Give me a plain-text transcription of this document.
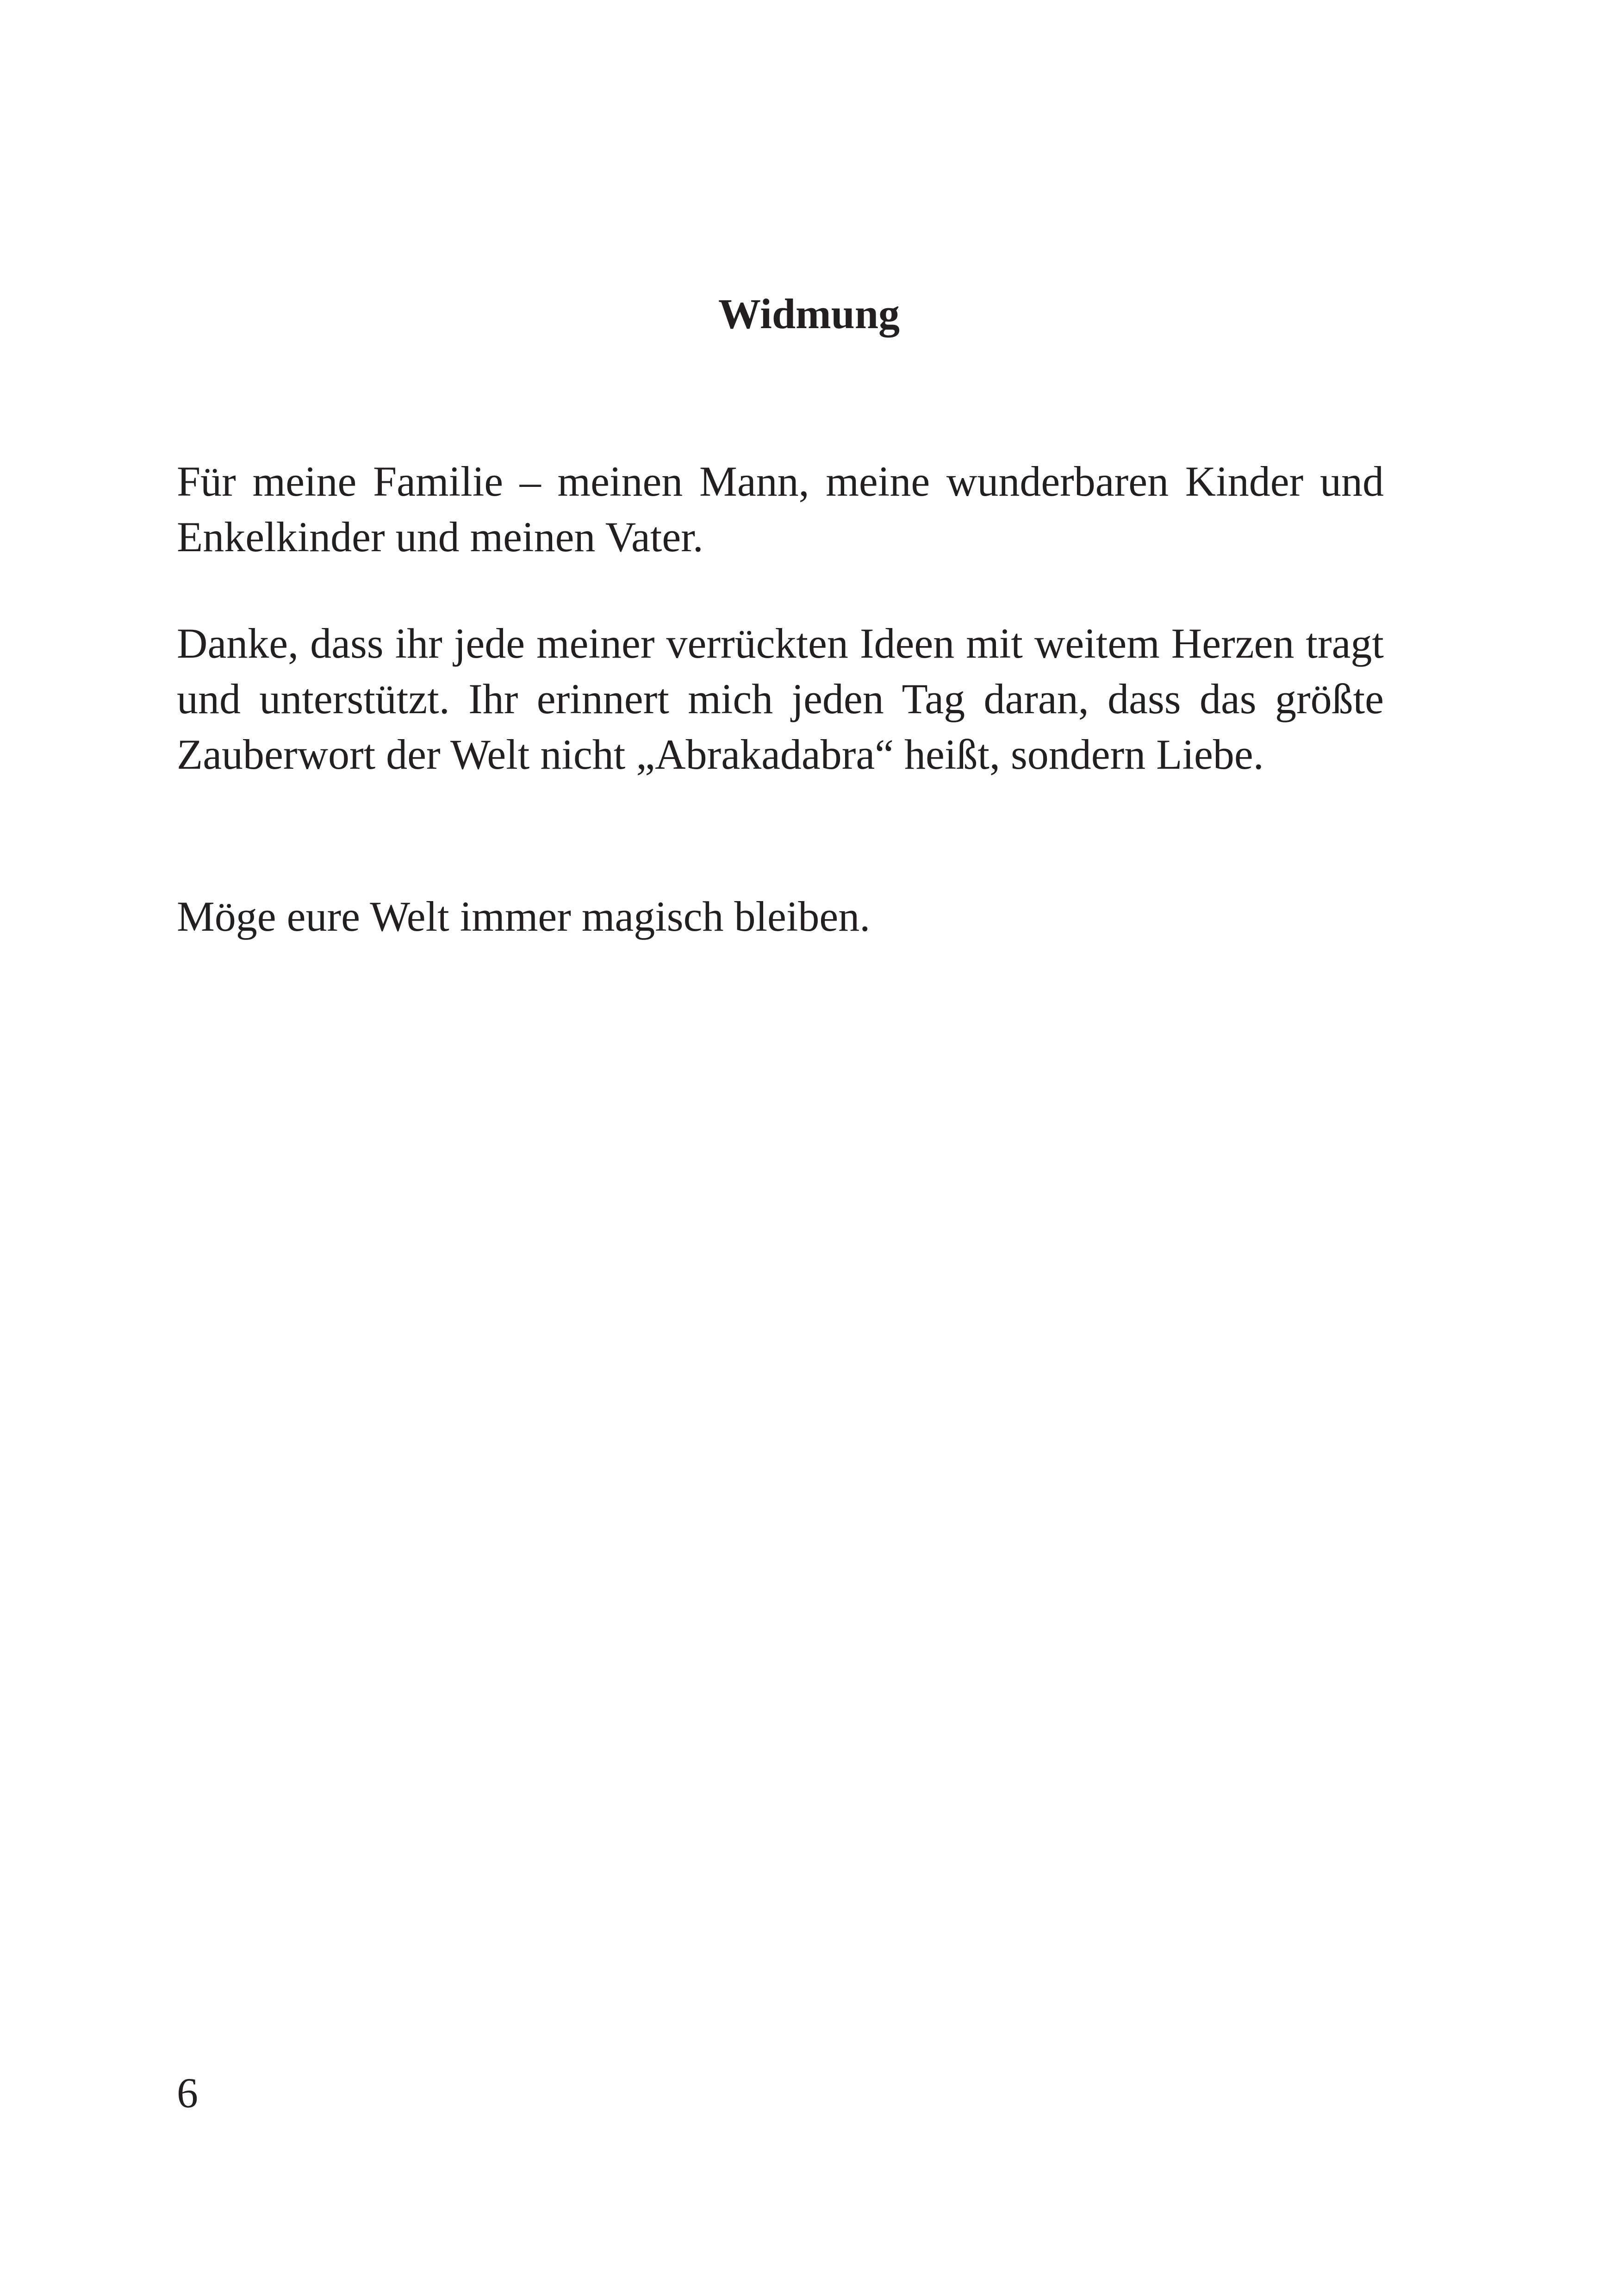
Widmung

Für meine Familie – meinen Mann, meine wunderbaren Kinder und Enkelkinder und meinen Vater.

Danke, dass ihr jede meiner verrückten Ideen mit weitem Herzen tragt und unterstützt. Ihr erinnert mich jeden Tag daran, dass das größte Zauberwort der Welt nicht „Abrakadabra“ heißt, sondern Liebe.

Möge eure Welt immer magisch bleiben.

6
